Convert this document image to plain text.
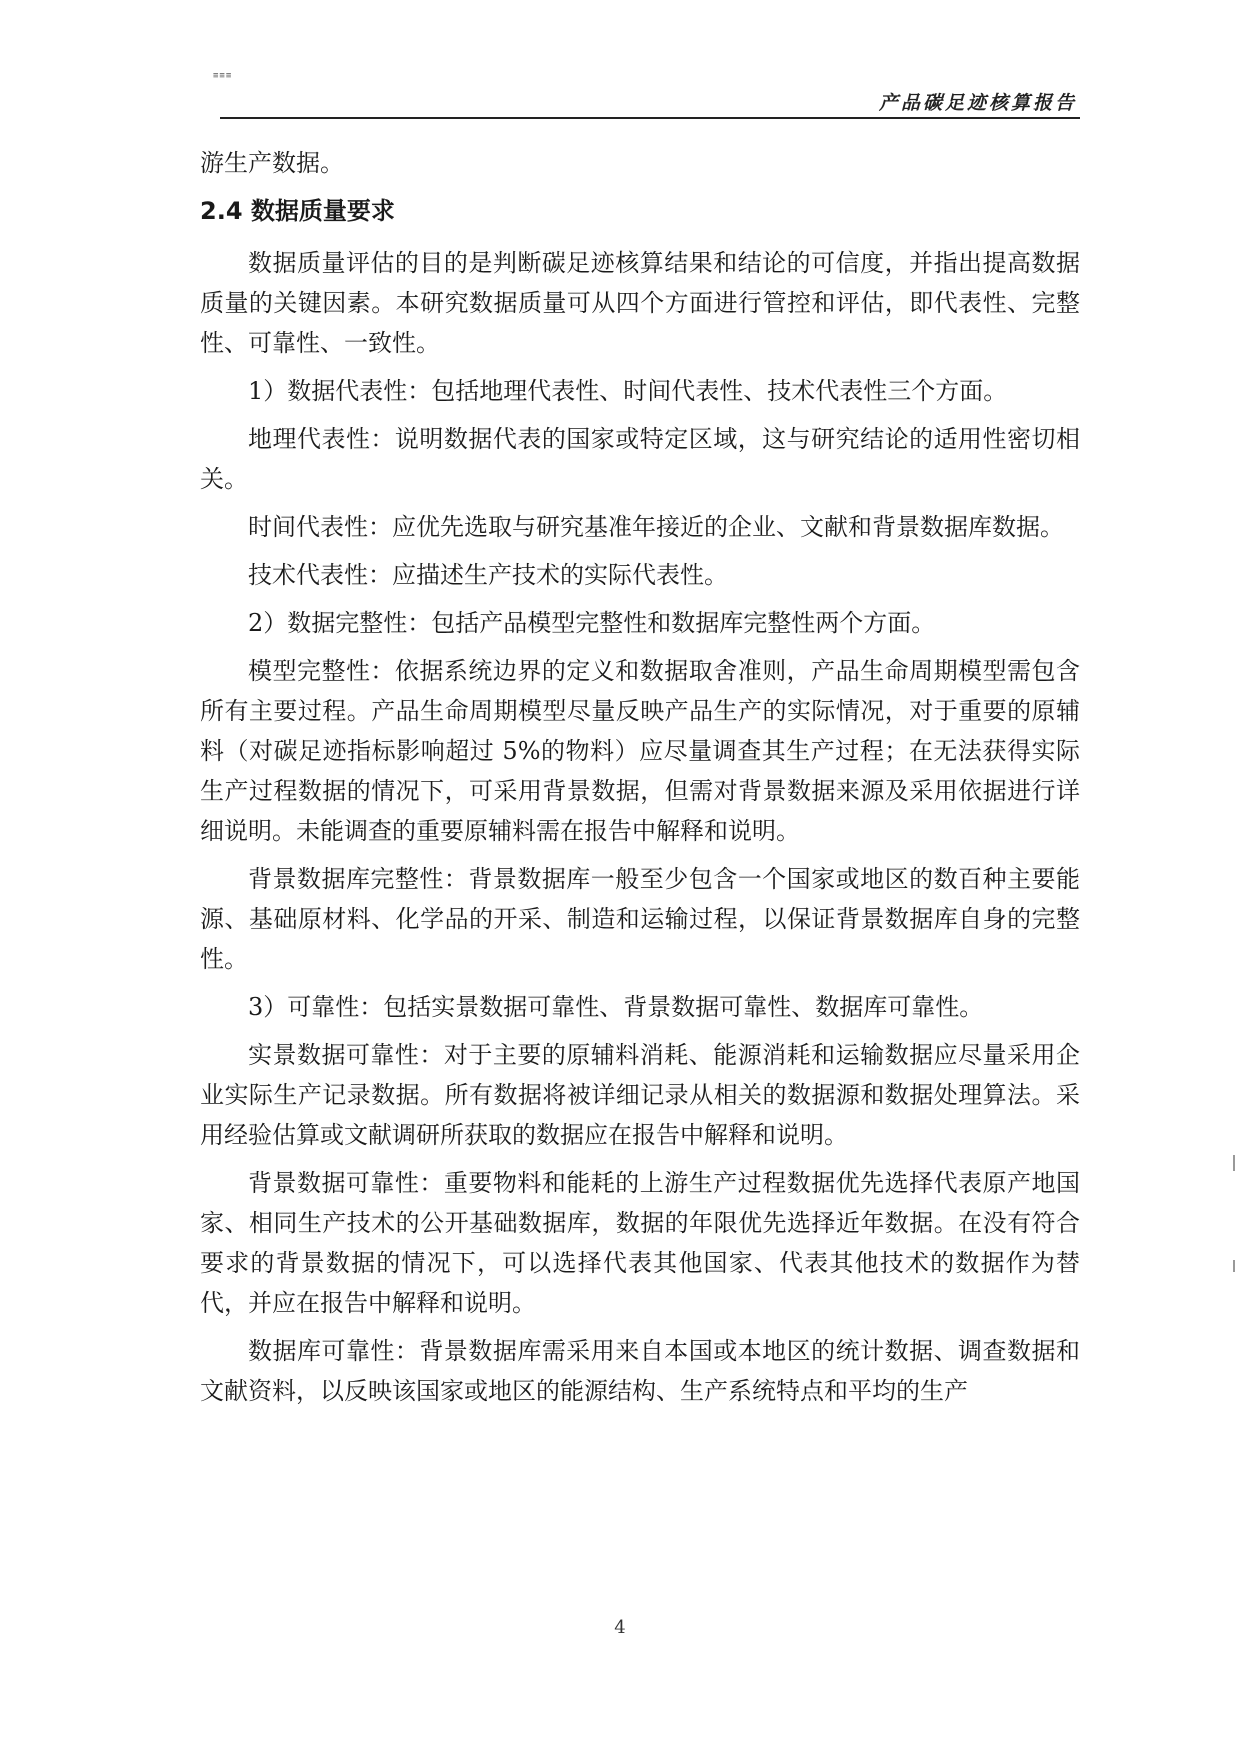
≡≡≡
产品碳足迹核算报告

游生产数据。

2.4 数据质量要求

数据质量评估的目的是判断碳足迹核算结果和结论的可信度，并指出提高数据质量的关键因素。本研究数据质量可从四个方面进行管控和评估，即代表性、完整性、可靠性、一致性。

1）数据代表性：包括地理代表性、时间代表性、技术代表性三个方面。

地理代表性：说明数据代表的国家或特定区域，这与研究结论的适用性密切相关。

时间代表性：应优先选取与研究基准年接近的企业、文献和背景数据库数据。

技术代表性：应描述生产技术的实际代表性。

2）数据完整性：包括产品模型完整性和数据库完整性两个方面。

模型完整性：依据系统边界的定义和数据取舍准则，产品生命周期模型需包含所有主要过程。产品生命周期模型尽量反映产品生产的实际情况，对于重要的原辅料（对碳足迹指标影响超过 5%的物料）应尽量调查其生产过程；在无法获得实际生产过程数据的情况下，可采用背景数据，但需对背景数据来源及采用依据进行详细说明。未能调查的重要原辅料需在报告中解释和说明。

背景数据库完整性：背景数据库一般至少包含一个国家或地区的数百种主要能源、基础原材料、化学品的开采、制造和运输过程，以保证背景数据库自身的完整性。

3）可靠性：包括实景数据可靠性、背景数据可靠性、数据库可靠性。

实景数据可靠性：对于主要的原辅料消耗、能源消耗和运输数据应尽量采用企业实际生产记录数据。所有数据将被详细记录从相关的数据源和数据处理算法。采用经验估算或文献调研所获取的数据应在报告中解释和说明。

背景数据可靠性：重要物料和能耗的上游生产过程数据优先选择代表原产地国家、相同生产技术的公开基础数据库，数据的年限优先选择近年数据。在没有符合要求的背景数据的情况下，可以选择代表其他国家、代表其他技术的数据作为替代，并应在报告中解释和说明。

数据库可靠性：背景数据库需采用来自本国或本地区的统计数据、调查数据和文献资料，以反映该国家或地区的能源结构、生产系统特点和平均的生产

4
